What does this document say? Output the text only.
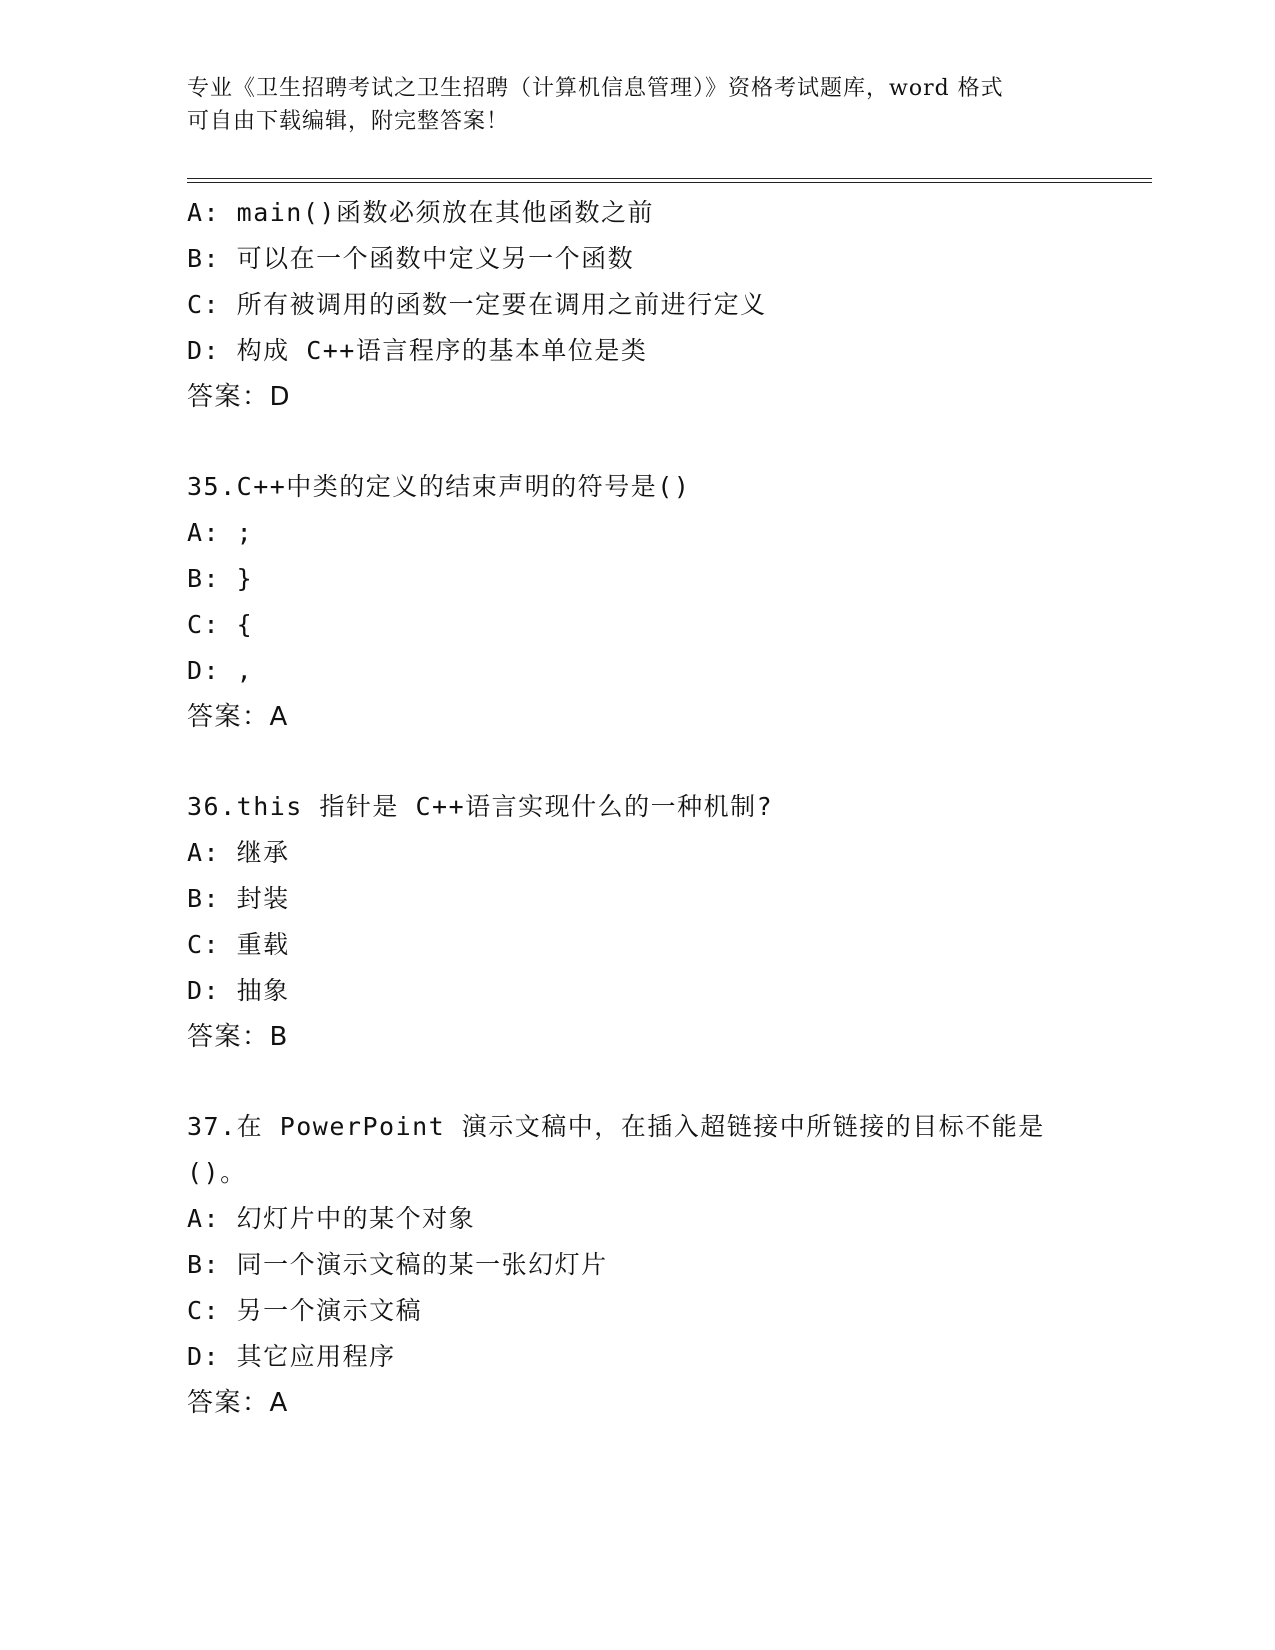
专业《卫生招聘考试之卫生招聘（计算机信息管理）》资格考试题库，word 格式
可自由下载编辑，附完整答案！
A: main()函数必须放在其他函数之前
B: 可以在一个函数中定义另一个函数
C: 所有被调用的函数一定要在调用之前进行定义
D: 构成 C++语言程序的基本单位是类
答案：D
35.C++中类的定义的结束声明的符号是()
A: ;
B: }
C: {
D: ,
答案：A
36.this 指针是 C++语言实现什么的一种机制?
A: 继承
B: 封装
C: 重载
D: 抽象
答案：B
37.在 PowerPoint 演示文稿中，在插入超链接中所链接的目标不能是
()。
A: 幻灯片中的某个对象
B: 同一个演示文稿的某一张幻灯片
C: 另一个演示文稿
D: 其它应用程序
答案：A
